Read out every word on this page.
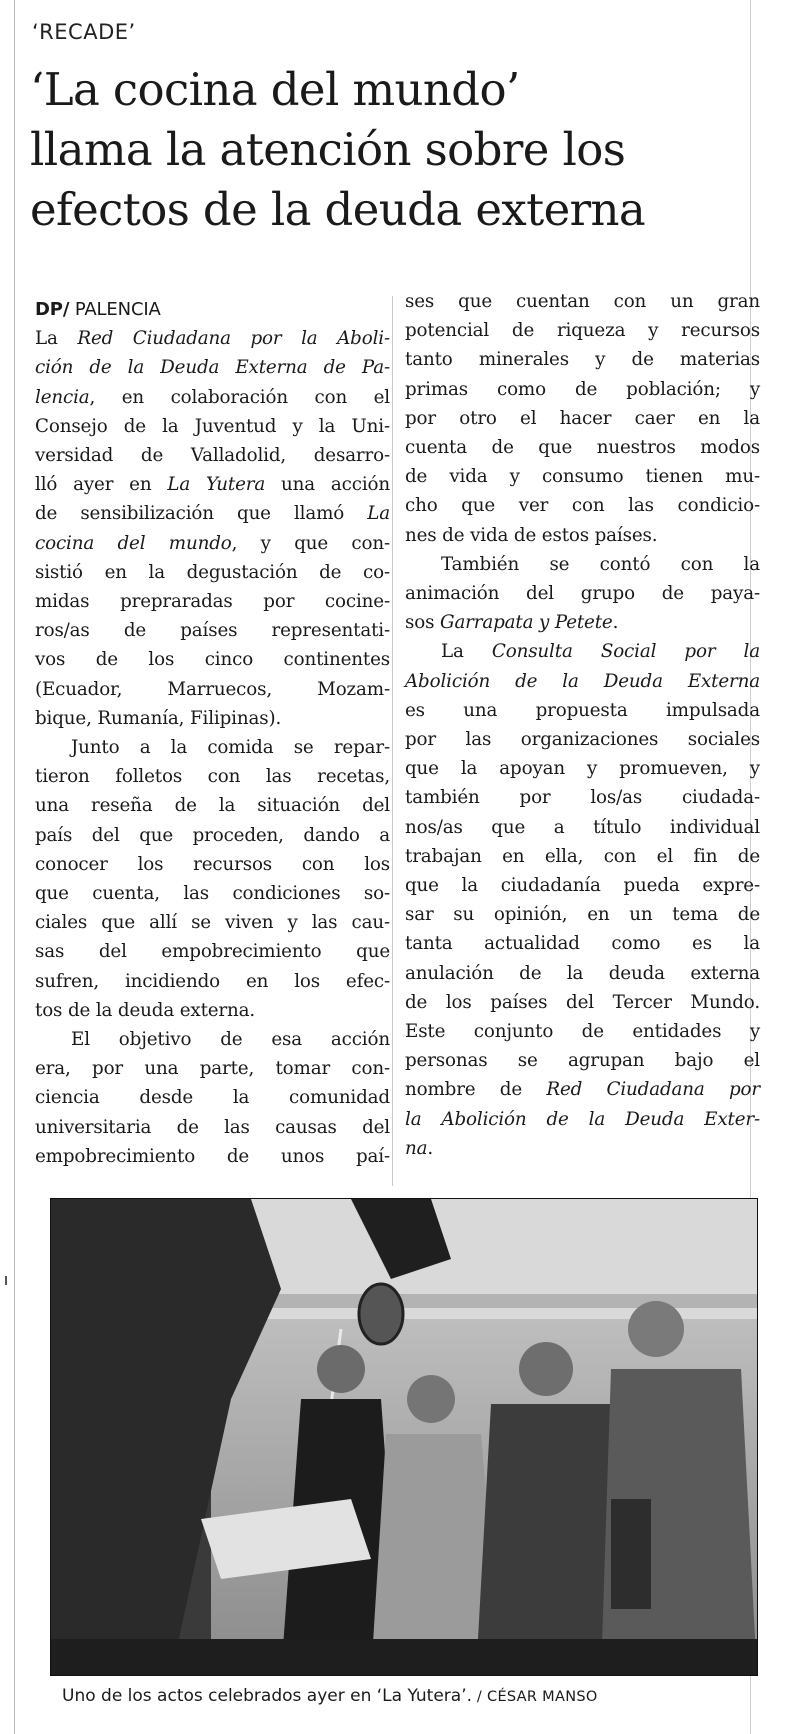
‘RECADE’
‘La cocina del mundo’
llama la atención sobre los
efectos de la deuda externa
DP/ PALENCIA
La Red Ciudadana por la Aboli-
ción de la Deuda Externa de Pa-
lencia, en colaboración con el
Consejo de la Juventud y la Uni-
versidad de Valladolid, desarro-
lló ayer en La Yutera una acción
de sensibilización que llamó La
cocina del mundo, y que con-
sistió en la degustación de co-
midas prepraradas por cocine-
ros/as de países representati-
vos de los cinco continentes
(Ecuador, Marruecos, Mozam-
bique, Rumanía, Filipinas).
Junto a la comida se repar-
tieron folletos con las recetas,
una reseña de la situación del
país del que proceden, dando a
conocer los recursos con los
que cuenta, las condiciones so-
ciales que allí se viven y las cau-
sas del empobrecimiento que
sufren, incidiendo en los efec-
tos de la deuda externa.
El objetivo de esa acción
era, por una parte, tomar con-
ciencia desde la comunidad
universitaria de las causas del
empobrecimiento de unos paí-
ses que cuentan con un gran
potencial de riqueza y recursos
tanto minerales y de materias
primas como de población; y
por otro el hacer caer en la
cuenta de que nuestros modos
de vida y consumo tienen mu-
cho que ver con las condicio-
nes de vida de estos países.
También se contó con la
animación del grupo de paya-
sos Garrapata y Petete.
La Consulta Social por la
Abolición de la Deuda Externa
es una propuesta impulsada
por las organizaciones sociales
que la apoyan y promueven, y
también por los/as ciudada-
nos/as que a título individual
trabajan en ella, con el fin de
que la ciudadanía pueda expre-
sar su opinión, en un tema de
tanta actualidad como es la
anulación de la deuda externa
de los países del Tercer Mundo.
Este conjunto de entidades y
personas se agrupan bajo el
nombre de Red Ciudadana por
la Abolición de la Deuda Exter-
na.
Uno de los actos celebrados ayer en ‘La Yutera’. / CÉSAR MANSO
